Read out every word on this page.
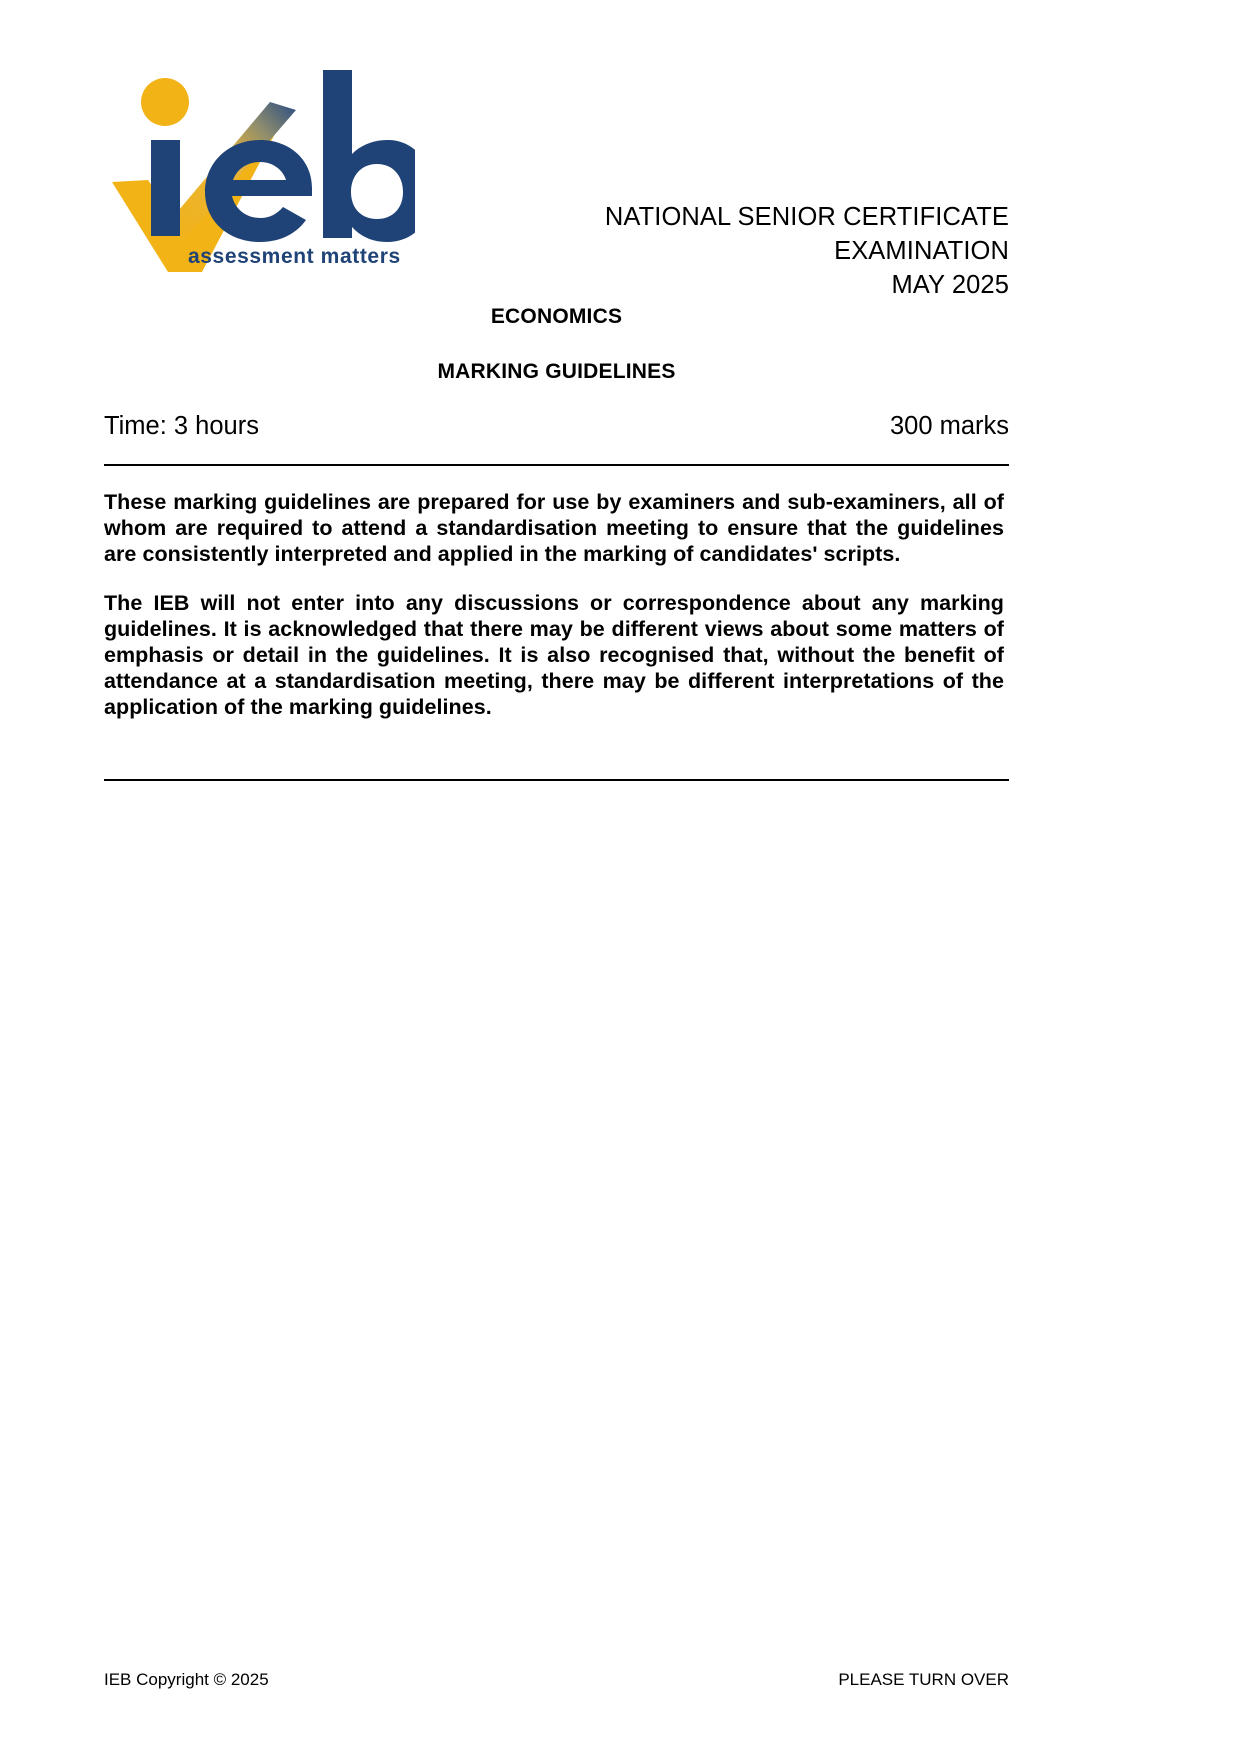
assessment matters
NATIONAL SENIOR CERTIFICATE EXAMINATION
MAY 2025
ECONOMICS
MARKING GUIDELINES
Time: 3 hours	300 marks

These marking guidelines are prepared for use by examiners and sub-examiners, all of whom are required to attend a standardisation meeting to ensure that the guidelines are consistently interpreted and applied in the marking of candidates' scripts.

The IEB will not enter into any discussions or correspondence about any marking guidelines. It is acknowledged that there may be different views about some matters of emphasis or detail in the guidelines. It is also recognised that, without the benefit of attendance at a standardisation meeting, there may be different interpretations of the application of the marking guidelines.

IEB Copyright © 2025	PLEASE TURN OVER
